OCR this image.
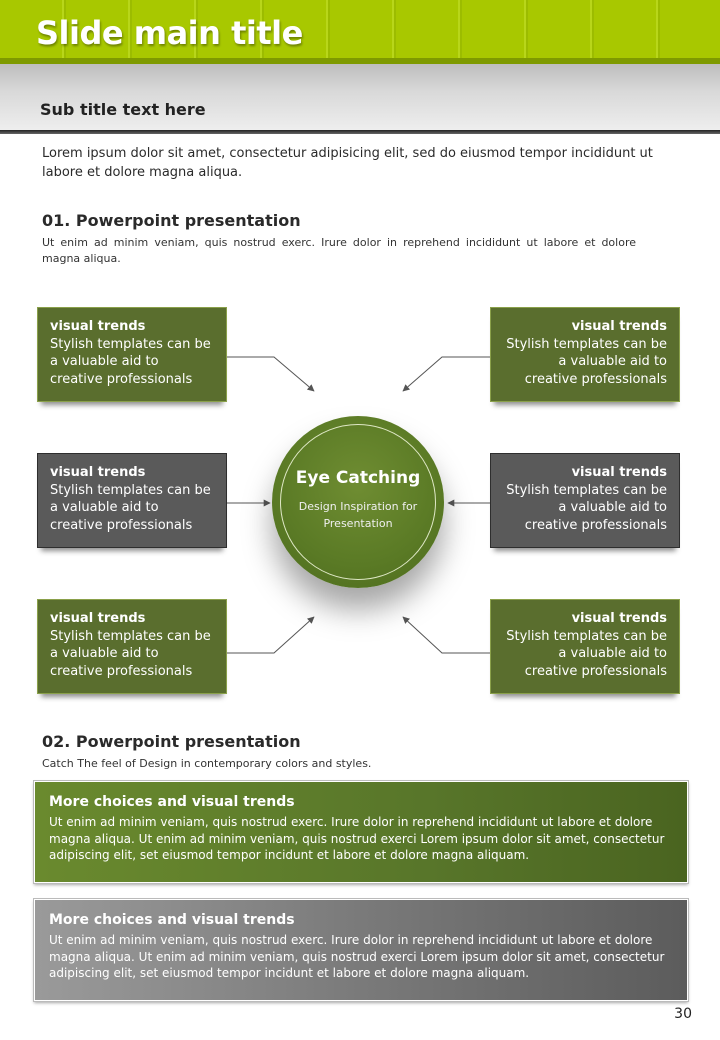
Slide main title
Sub title text here
Lorem ipsum dolor sit amet, consectetur adipisicing elit, sed do eiusmod tempor incididunt ut labore et dolore magna aliqua.
01. Powerpoint presentation
Ut enim ad minim veniam, quis nostrud exerc. Irure dolor in reprehend incididunt ut labore et dolore magna aliqua.
visual trends
Stylish templates can be a valuable aid to creative professionals
visual trends
Stylish templates can be a valuable aid to creative professionals
visual trends
Stylish templates can be a valuable aid to creative professionals
visual trends
Stylish templates can be a valuable aid to creative professionals
visual trends
Stylish templates can be a valuable aid to creative professionals
visual trends
Stylish templates can be a valuable aid to creative professionals
Eye Catching
Design Inspiration for Presentation
02. Powerpoint presentation
Catch The feel of Design in contemporary colors and styles.
More choices and visual trends
Ut enim ad minim veniam, quis nostrud exerc. Irure dolor in reprehend incididunt ut labore et dolore magna aliqua. Ut enim ad minim veniam, quis nostrud exerci Lorem ipsum dolor sit amet, consectetur adipiscing elit, set eiusmod tempor incidunt et labore et dolore magna aliquam.
More choices and visual trends
Ut enim ad minim veniam, quis nostrud exerc. Irure dolor in reprehend incididunt ut labore et dolore magna aliqua. Ut enim ad minim veniam, quis nostrud exerci Lorem ipsum dolor sit amet, consectetur adipiscing elit, set eiusmod tempor incidunt et labore et dolore magna aliquam.
30
